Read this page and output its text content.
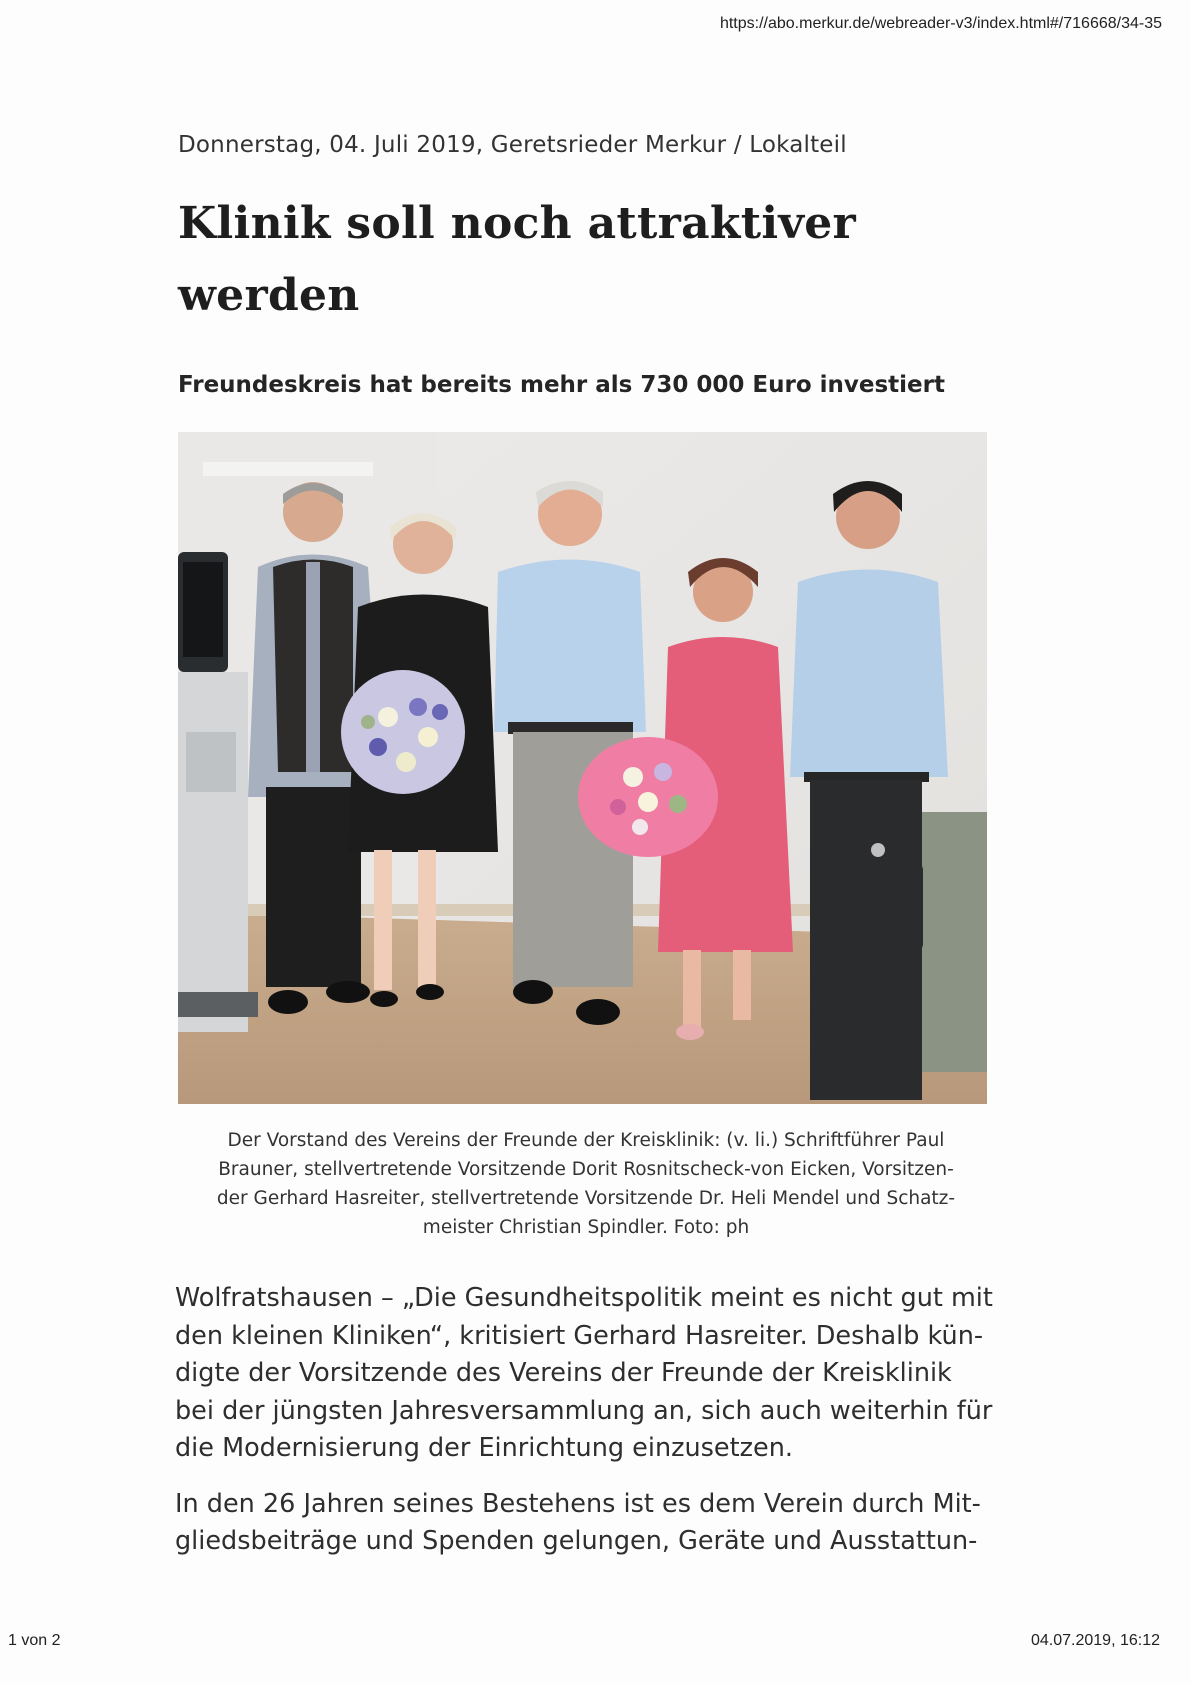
https://abo.merkur.de/webreader-v3/index.html#/716668/34-35
Donnerstag, 04. Juli 2019, Geretsrieder Merkur / Lokalteil
Klinik soll noch attraktiver
werden
Freundeskreis hat bereits mehr als 730 000 Euro investiert
Der Vorstand des Vereins der Freunde der Kreisklinik: (v. li.) Schriftführer Paul
Brauner, stellvertretende Vorsitzende Dorit Rosnitscheck-von Eicken, Vorsitzen-
der Gerhard Hasreiter, stellvertretende Vorsitzende Dr. Heli Mendel und Schatz-
meister Christian Spindler. Foto: ph

Wolfratshausen – „Die Gesundheitspolitik meint es nicht gut mit
den kleinen Kliniken“, kritisiert Gerhard Hasreiter. Deshalb kün-
digte der Vorsitzende des Vereins der Freunde der Kreisklinik
bei der jüngsten Jahresversammlung an, sich auch weiterhin für
die Modernisierung der Einrichtung einzusetzen.

In den 26 Jahren seines Bestehens ist es dem Verein durch Mit-
gliedsbeiträge und Spenden gelungen, Geräte und Ausstattun-

1 von 2	04.07.2019, 16:12
